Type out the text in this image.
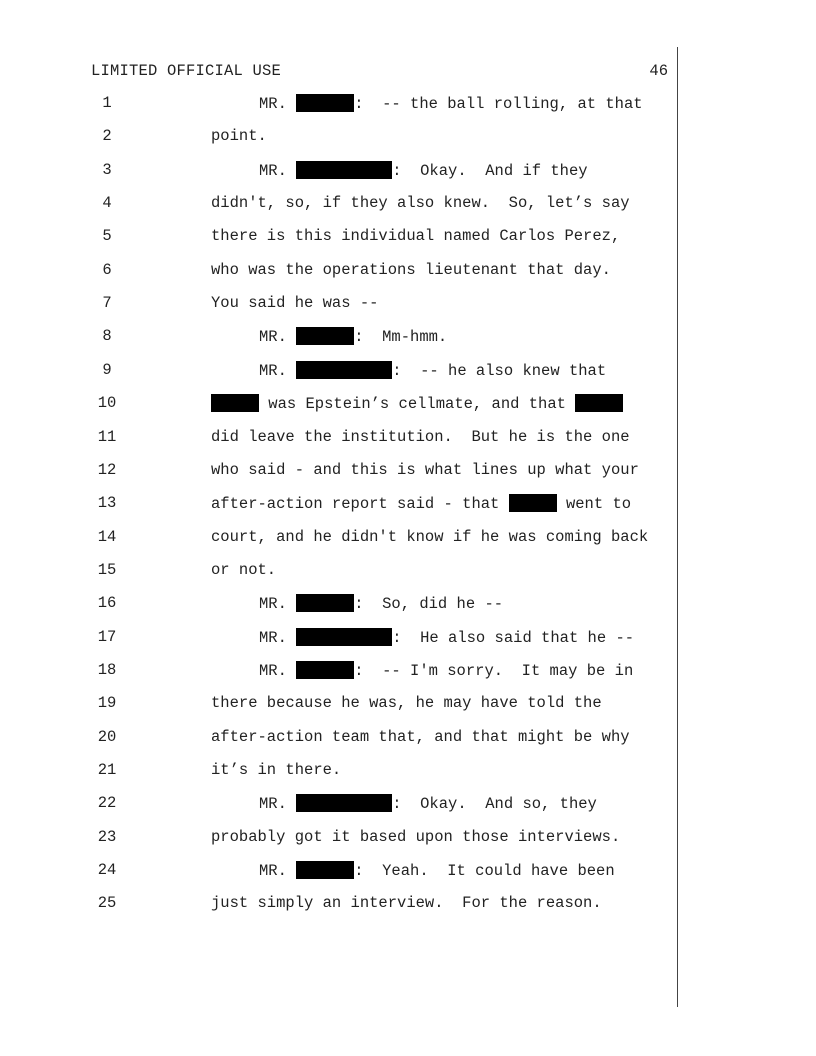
LIMITED OFFICIAL USE	46
1	MR.	:  -- the ball rolling, at that
2	point.
3	MR.	:  Okay.  And if they
4	didn't, so, if they also knew.  So, let’s say
5	there is this individual named Carlos Perez,
6	who was the operations lieutenant that day.
7	You said he was --
8	MR.	:  Mm-hmm.
9	MR.	:  -- he also knew that
10	was Epstein’s cellmate, and that
11	did leave the institution.  But he is the one
12	who said - and this is what lines up what your
13	after-action report said - that	went to
14	court, and he didn't know if he was coming back
15	or not.
16	MR.	:  So, did he --
17	MR.	:  He also said that he --
18	MR.	:  -- I'm sorry.  It may be in
19	there because he was, he may have told the
20	after-action team that, and that might be why
21	it’s in there.
22	MR.	:  Okay.  And so, they
23	probably got it based upon those interviews.
24	MR.	:  Yeah.  It could have been
25	just simply an interview.  For the reason.
